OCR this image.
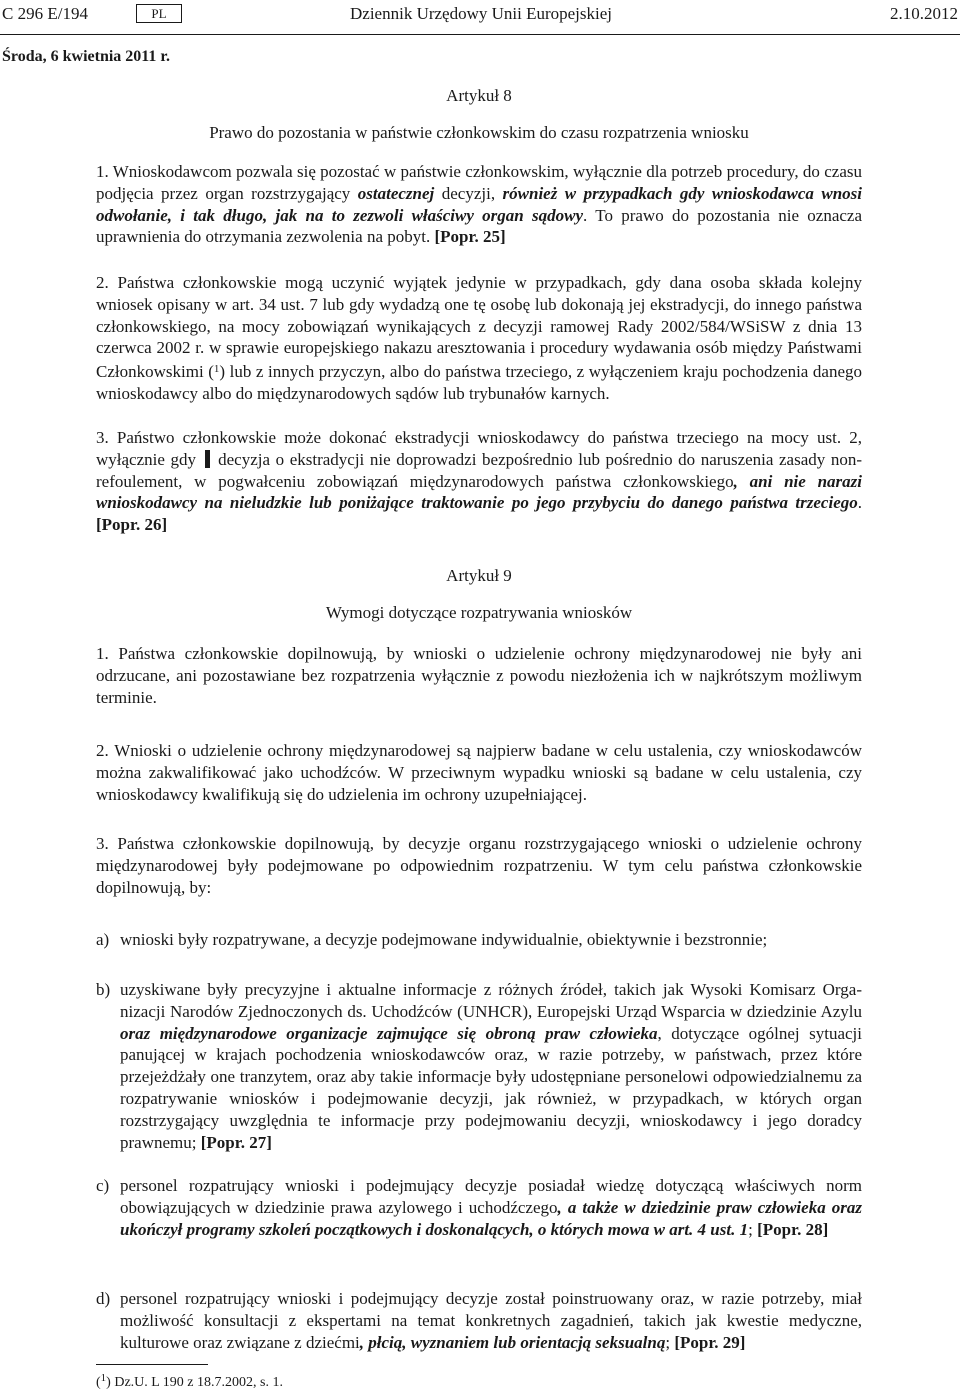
C 296 E/194	PL	Dziennik Urzędowy Unii Europejskiej	2.10.2012
Środa, 6 kwietnia 2011 r.
Artykuł 8
Prawo do pozostania w państwie członkowskim do czasu rozpatrzenia wniosku

1. Wnioskodawcom pozwala się pozostać w państwie członkowskim, wyłącznie dla potrzeb procedury, do czasu podjęcia przez organ rozstrzygający ostatecznej decyzji, również w przypadkach gdy wnioskodawca wnosi odwołanie, i tak długo, jak na to zezwoli właściwy organ sądowy. To prawo do pozostania nie oznacza uprawnienia do otrzymania zezwolenia na pobyt. [Popr. 25]

2. Państwa członkowskie mogą uczynić wyjątek jedynie w przypadkach, gdy dana osoba składa kolejny wniosek opisany w art. 34 ust. 7 lub gdy wydadzą one tę osobę lub dokonają jej ekstradycji, do innego państwa członkowskiego, na mocy zobowiązań wynikających z decyzji ramowej Rady 2002/584/WSiSW z dnia 13 czerwca 2002 r. w sprawie europejskiego nakazu aresztowania i procedury wydawania osób między Państwami Członkowskimi ($^1$) lub z innych przyczyn, albo do państwa trzeciego, z wyłączeniem kraju pochodzenia danego wnioskodawcy albo do międzynarodowych sądów lub trybunałów karnych.

3. Państwo członkowskie może dokonać ekstradycji wnioskodawcy do państwa trzeciego na mocy ust. 2, wyłącznie gdy  decyzja o ekstradycji nie doprowadzi bezpośrednio lub pośrednio do naruszenia zasady non-refoulement, w pogwałceniu zobowiązań międzynarodowych państwa członkowskiego, ani nie narazi wnioskodawcy na nieludzkie lub poniżające traktowanie po jego przybyciu do danego państwa trzeciego. [Popr. 26]

Artykuł 9
Wymogi dotyczące rozpatrywania wniosków
1. Państwa członkowskie dopilnowują, by wnioski o udzielenie ochrony międzynarodowej nie były ani odrzucane, ani pozostawiane bez rozpatrzenia wyłącznie z powodu niezłożenia ich w najkrótszym możliwym terminie.
2. Wnioski o udzielenie ochrony międzynarodowej są najpierw badane w celu ustalenia, czy wnioskodawców można zakwalifikować jako uchodźców. W przeciwnym wypadku wnioski są badane w celu ustalenia, czy wnioskodawcy kwalifikują się do udzielenia im ochrony uzupełniającej.
3. Państwa członkowskie dopilnowują, by decyzje organu rozstrzygającego wnioski o udzielenie ochrony międzynarodowej były podejmowane po odpowiednim rozpatrzeniu. W tym celu państwa członkowskie dopilnowują, by:
a) wnioski były rozpatrywane, a decyzje podejmowane indywidualnie, obiektywnie i bezstronnie;
b) uzyskiwane były precyzyjne i aktualne informacje z różnych źródeł, takich jak Wysoki Komisarz Organizacji Narodów Zjednoczonych ds. Uchodźców (UNHCR), Europejski Urząd Wsparcia w dziedzinie Azylu oraz międzynarodowe organizacje zajmujące się obroną praw człowieka, dotyczące ogólnej sytuacji panującej w krajach pochodzenia wnioskodawców oraz, w razie potrzeby, w państwach, przez które przejeżdżały one tranzytem, oraz aby takie informacje były udostępniane personelowi odpowiedzialnemu za rozpatrywanie wniosków i podejmowanie decyzji, jak również, w przypadkach, w których organ rozstrzygający uwzględnia te informacje przy podejmowaniu decyzji, wnioskodawcy i jego doradcy prawnemu; [Popr. 27]
c) personel rozpatrujący wnioski i podejmujący decyzje posiadał wiedzę dotyczącą właściwych norm obowiązujących w dziedzinie prawa azylowego i uchodźczego, a także w dziedzinie praw człowieka oraz ukończył programy szkoleń początkowych i doskonalących, o których mowa w art. 4 ust. 1; [Popr. 28]
d) personel rozpatrujący wnioski i podejmujący decyzje został poinstruowany oraz, w razie potrzeby, miał możliwość konsultacji z ekspertami na temat konkretnych zagadnień, takich jak kwestie medyczne, kulturowe oraz związane z dziećmi, płcią, wyznaniem lub orientacją seksualną; [Popr. 29]
($^1$) Dz.U. L 190 z 18.7.2002, s. 1.
